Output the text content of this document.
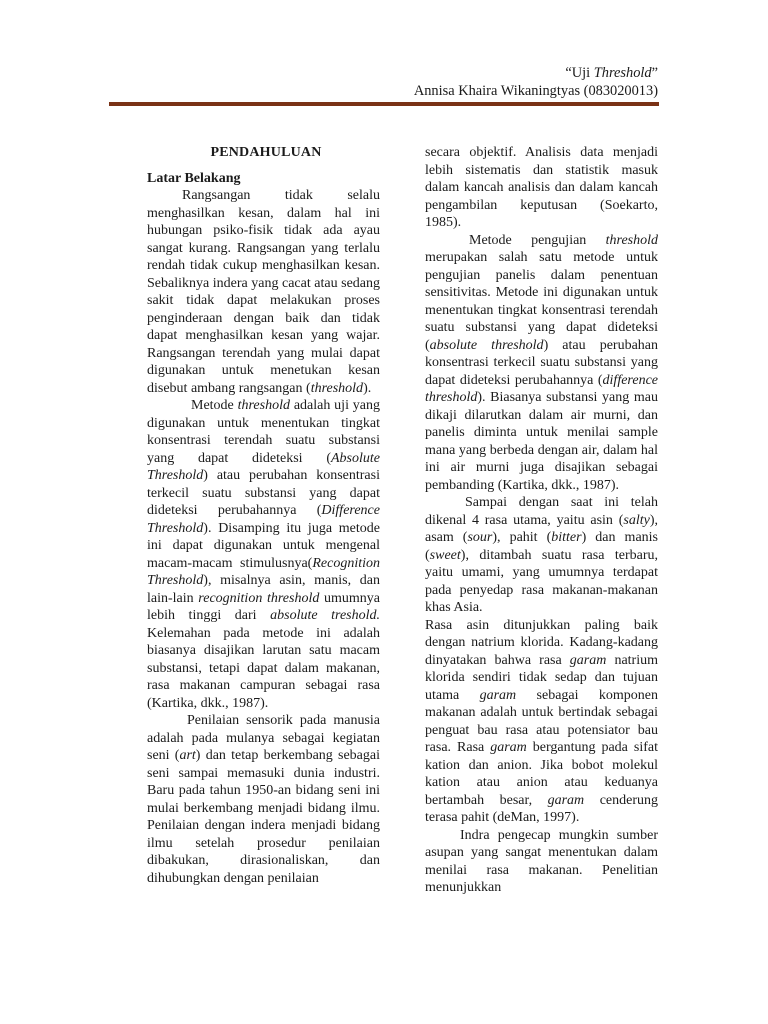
“Uji Threshold”
Annisa Khaira Wikaningtyas (083020013)
PENDAHULUAN
Latar Belakang

Rangsangan tidak selalu menghasilkan kesan, dalam hal ini hubungan psiko-fisik tidak ada ayau sangat kurang. Rangsangan yang terlalu rendah tidak cukup menghasilkan kesan. Sebaliknya indera yang cacat atau sedang sakit tidak dapat melakukan proses penginderaan dengan baik dan tidak dapat menghasilkan kesan yang wajar. Rangsangan terendah yang mulai dapat digunakan untuk menetukan kesan disebut ambang rangsangan (threshold).

Metode threshold adalah uji yang digunakan untuk menentukan tingkat konsentrasi terendah suatu substansi yang dapat dideteksi (Absolute Threshold) atau perubahan konsentrasi terkecil suatu substansi yang dapat dideteksi perubahannya (Difference Threshold). Disamping itu juga metode ini dapat digunakan untuk mengenal macam-macam stimulusnya(Recognition Threshold), misalnya asin, manis, dan lain-lain recognition threshold umumnya lebih tinggi dari absolute treshold. Kelemahan pada metode ini adalah biasanya disajikan larutan satu macam substansi, tetapi dapat dalam makanan, rasa makanan campuran sebagai rasa (Kartika, dkk., 1987).

Penilaian sensorik pada manusia adalah pada mulanya sebagai kegiatan seni (art) dan tetap berkembang sebagai seni sampai memasuki dunia industri. Baru pada tahun 1950-an bidang seni ini mulai berkembang menjadi bidang ilmu. Penilaian dengan indera menjadi bidang ilmu setelah prosedur penilaian dibakukan, dirasionaliskan, dan dihubungkan dengan penilaian

secara objektif. Analisis data menjadi lebih sistematis dan statistik masuk dalam kancah analisis dan dalam kancah pengambilan keputusan (Soekarto, 1985).

Metode pengujian threshold merupakan salah satu metode untuk pengujian panelis dalam penentuan sensitivitas. Metode ini digunakan untuk menentukan tingkat konsentrasi terendah suatu substansi yang dapat dideteksi (absolute threshold) atau perubahan konsentrasi terkecil suatu substansi yang dapat dideteksi perubahannya (difference threshold). Biasanya substansi yang mau dikaji dilarutkan dalam air murni, dan panelis diminta untuk menilai sample mana yang berbeda dengan air, dalam hal ini air murni juga disajikan sebagai pembanding (Kartika, dkk., 1987).

Sampai dengan saat ini telah dikenal 4 rasa utama, yaitu asin (salty), asam (sour), pahit (bitter) dan manis (sweet), ditambah suatu rasa terbaru, yaitu umami, yang umumnya terdapat pada penyedap rasa makanan-makanan khas Asia.

Rasa asin ditunjukkan paling baik dengan natrium klorida. Kadang-kadang dinyatakan bahwa rasa garam natrium klorida sendiri tidak sedap dan tujuan utama garam sebagai komponen makanan adalah untuk bertindak sebagai penguat bau rasa atau potensiator bau rasa. Rasa garam bergantung pada sifat kation dan anion. Jika bobot molekul kation atau anion atau keduanya bertambah besar, garam cenderung terasa pahit (deMan, 1997).

Indra pengecap mungkin sumber asupan yang sangat menentukan dalam menilai rasa makanan. Penelitian menunjukkan
